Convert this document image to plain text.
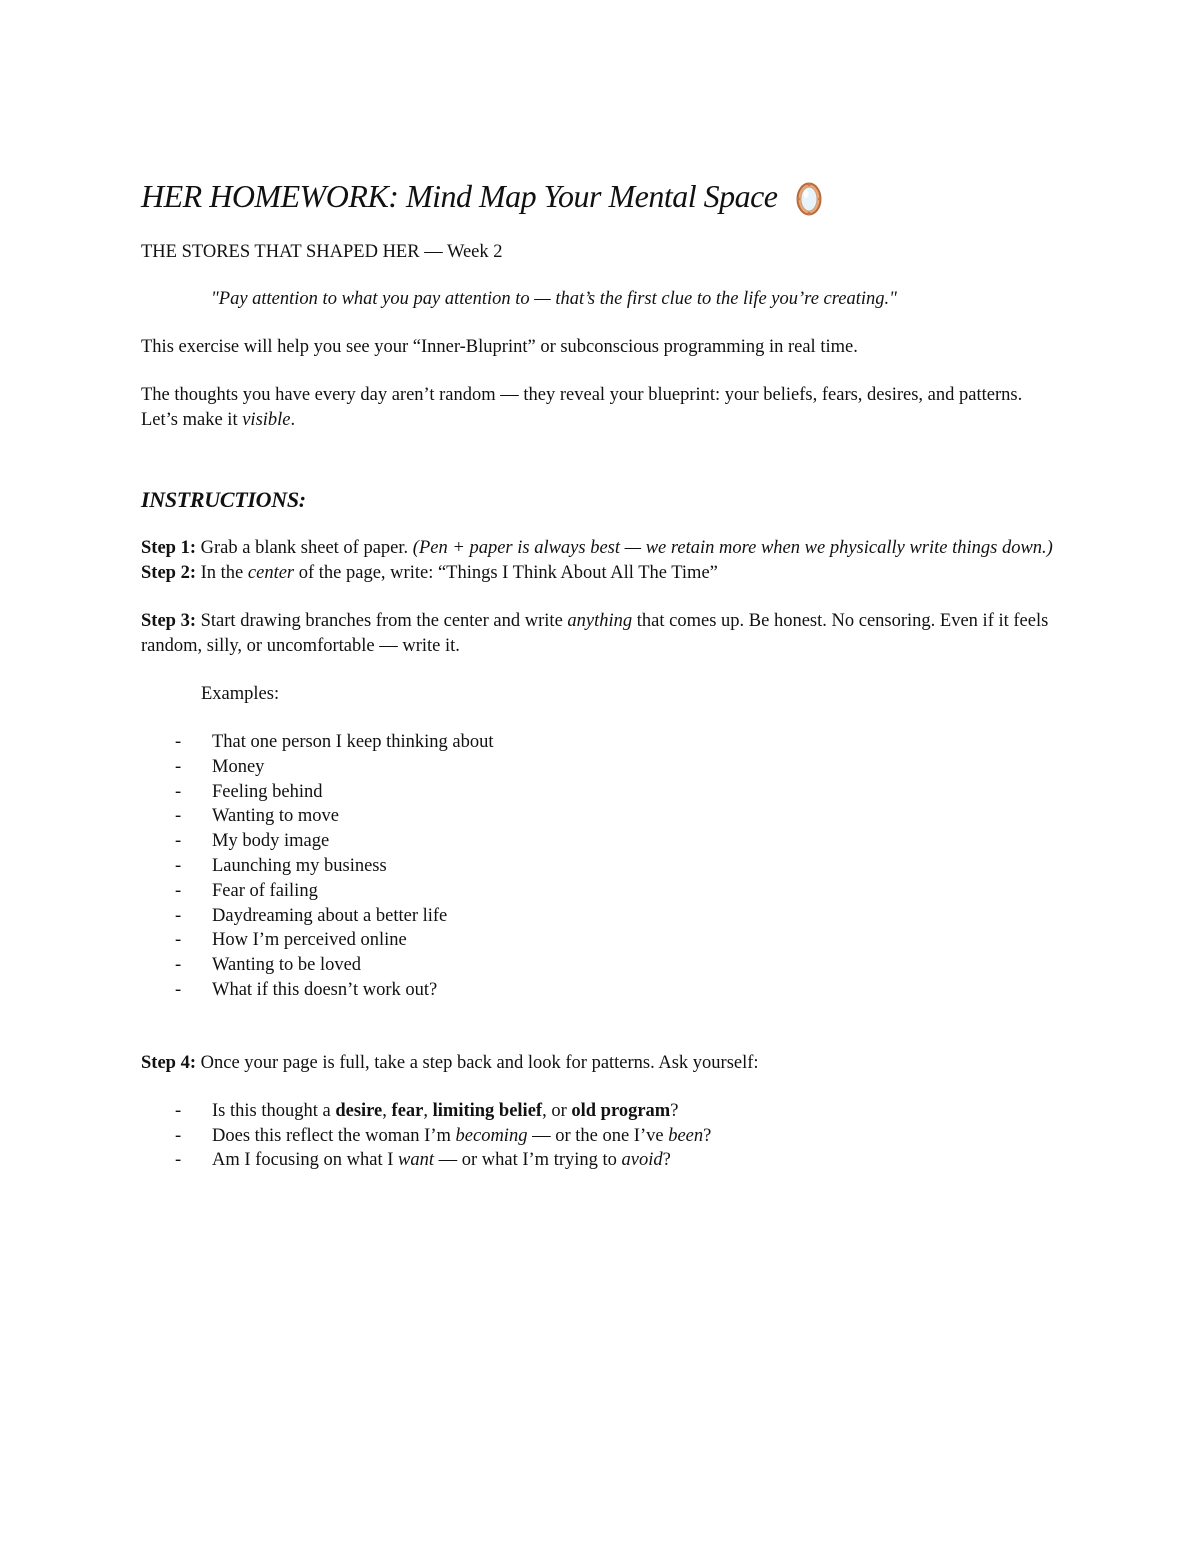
HER HOMEWORK: Mind Map Your Mental Space

THE STORES THAT SHAPED HER — Week 2

"Pay attention to what you pay attention to — that’s the first clue to the life you’re creating."

This exercise will help you see your “Inner-Bluprint” or subconscious programming in real time.

The thoughts you have every day aren’t random — they reveal your blueprint: your beliefs, fears, desires, and patterns. Let’s make it visible.

INSTRUCTIONS:

Step 1: Grab a blank sheet of paper. (Pen + paper is always best — we retain more when we physically write things down.)

Step 2: In the center of the page, write: “Things I Think About All The Time”

Step 3: Start drawing branches from the center and write anything that comes up. Be honest. No censoring. Even if it feels random, silly, or uncomfortable — write it.

Examples:

- That one person I keep thinking about
- Money
- Feeling behind
- Wanting to move
- My body image
- Launching my business
- Fear of failing
- Daydreaming about a better life
- How I’m perceived online
- Wanting to be loved
- What if this doesn’t work out?

Step 4: Once your page is full, take a step back and look for patterns. Ask yourself:

- Is this thought a desire, fear, limiting belief, or old program?
- Does this reflect the woman I’m becoming — or the one I’ve been?
- Am I focusing on what I want — or what I’m trying to avoid?
